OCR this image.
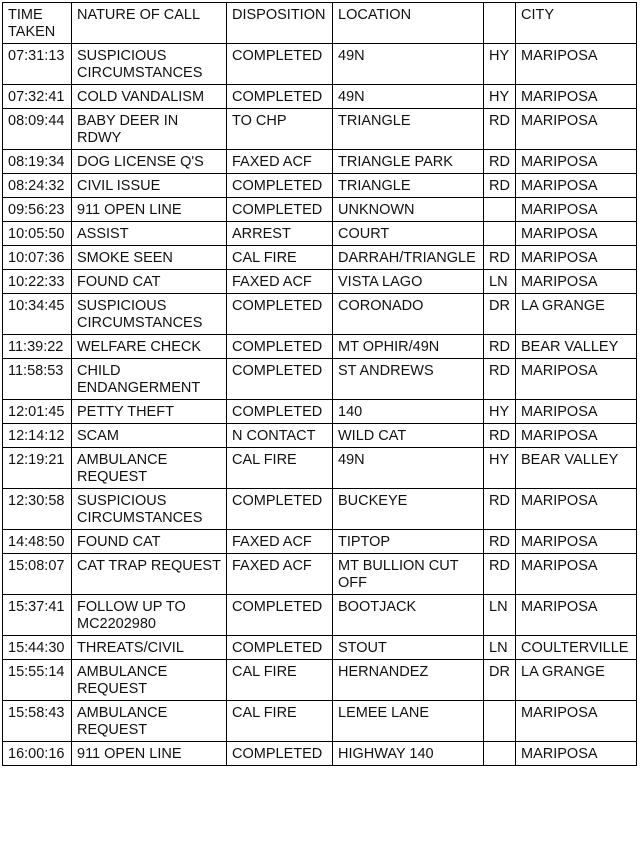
TIME TAKEN	NATURE OF CALL	DISPOSITION	LOCATION		CITY
07:31:13	SUSPICIOUS CIRCUMSTANCES	COMPLETED	49N	HY	MARIPOSA
07:32:41	COLD VANDALISM	COMPLETED	49N	HY	MARIPOSA
08:09:44	BABY DEER IN RDWY	TO CHP	TRIANGLE	RD	MARIPOSA
08:19:34	DOG LICENSE Q'S	FAXED ACF	TRIANGLE PARK	RD	MARIPOSA
08:24:32	CIVIL ISSUE	COMPLETED	TRIANGLE	RD	MARIPOSA
09:56:23	911 OPEN LINE	COMPLETED	UNKNOWN		MARIPOSA
10:05:50	ASSIST	ARREST	COURT		MARIPOSA
10:07:36	SMOKE SEEN	CAL FIRE	DARRAH/TRIANGLE	RD	MARIPOSA
10:22:33	FOUND CAT	FAXED ACF	VISTA LAGO	LN	MARIPOSA
10:34:45	SUSPICIOUS CIRCUMSTANCES	COMPLETED	CORONADO	DR	LA GRANGE
11:39:22	WELFARE CHECK	COMPLETED	MT OPHIR/49N	RD	BEAR VALLEY
11:58:53	CHILD ENDANGERMENT	COMPLETED	ST ANDREWS	RD	MARIPOSA
12:01:45	PETTY THEFT	COMPLETED	140	HY	MARIPOSA
12:14:12	SCAM	N CONTACT	WILD CAT	RD	MARIPOSA
12:19:21	AMBULANCE REQUEST	CAL FIRE	49N	HY	BEAR VALLEY
12:30:58	SUSPICIOUS CIRCUMSTANCES	COMPLETED	BUCKEYE	RD	MARIPOSA
14:48:50	FOUND CAT	FAXED ACF	TIPTOP	RD	MARIPOSA
15:08:07	CAT TRAP REQUEST	FAXED ACF	MT BULLION CUT OFF	RD	MARIPOSA
15:37:41	FOLLOW UP TO MC2202980	COMPLETED	BOOTJACK	LN	MARIPOSA
15:44:30	THREATS/CIVIL	COMPLETED	STOUT	LN	COULTERVILLE
15:55:14	AMBULANCE REQUEST	CAL FIRE	HERNANDEZ	DR	LA GRANGE
15:58:43	AMBULANCE REQUEST	CAL FIRE	LEMEE LANE		MARIPOSA
16:00:16	911 OPEN LINE	COMPLETED	HIGHWAY 140		MARIPOSA
